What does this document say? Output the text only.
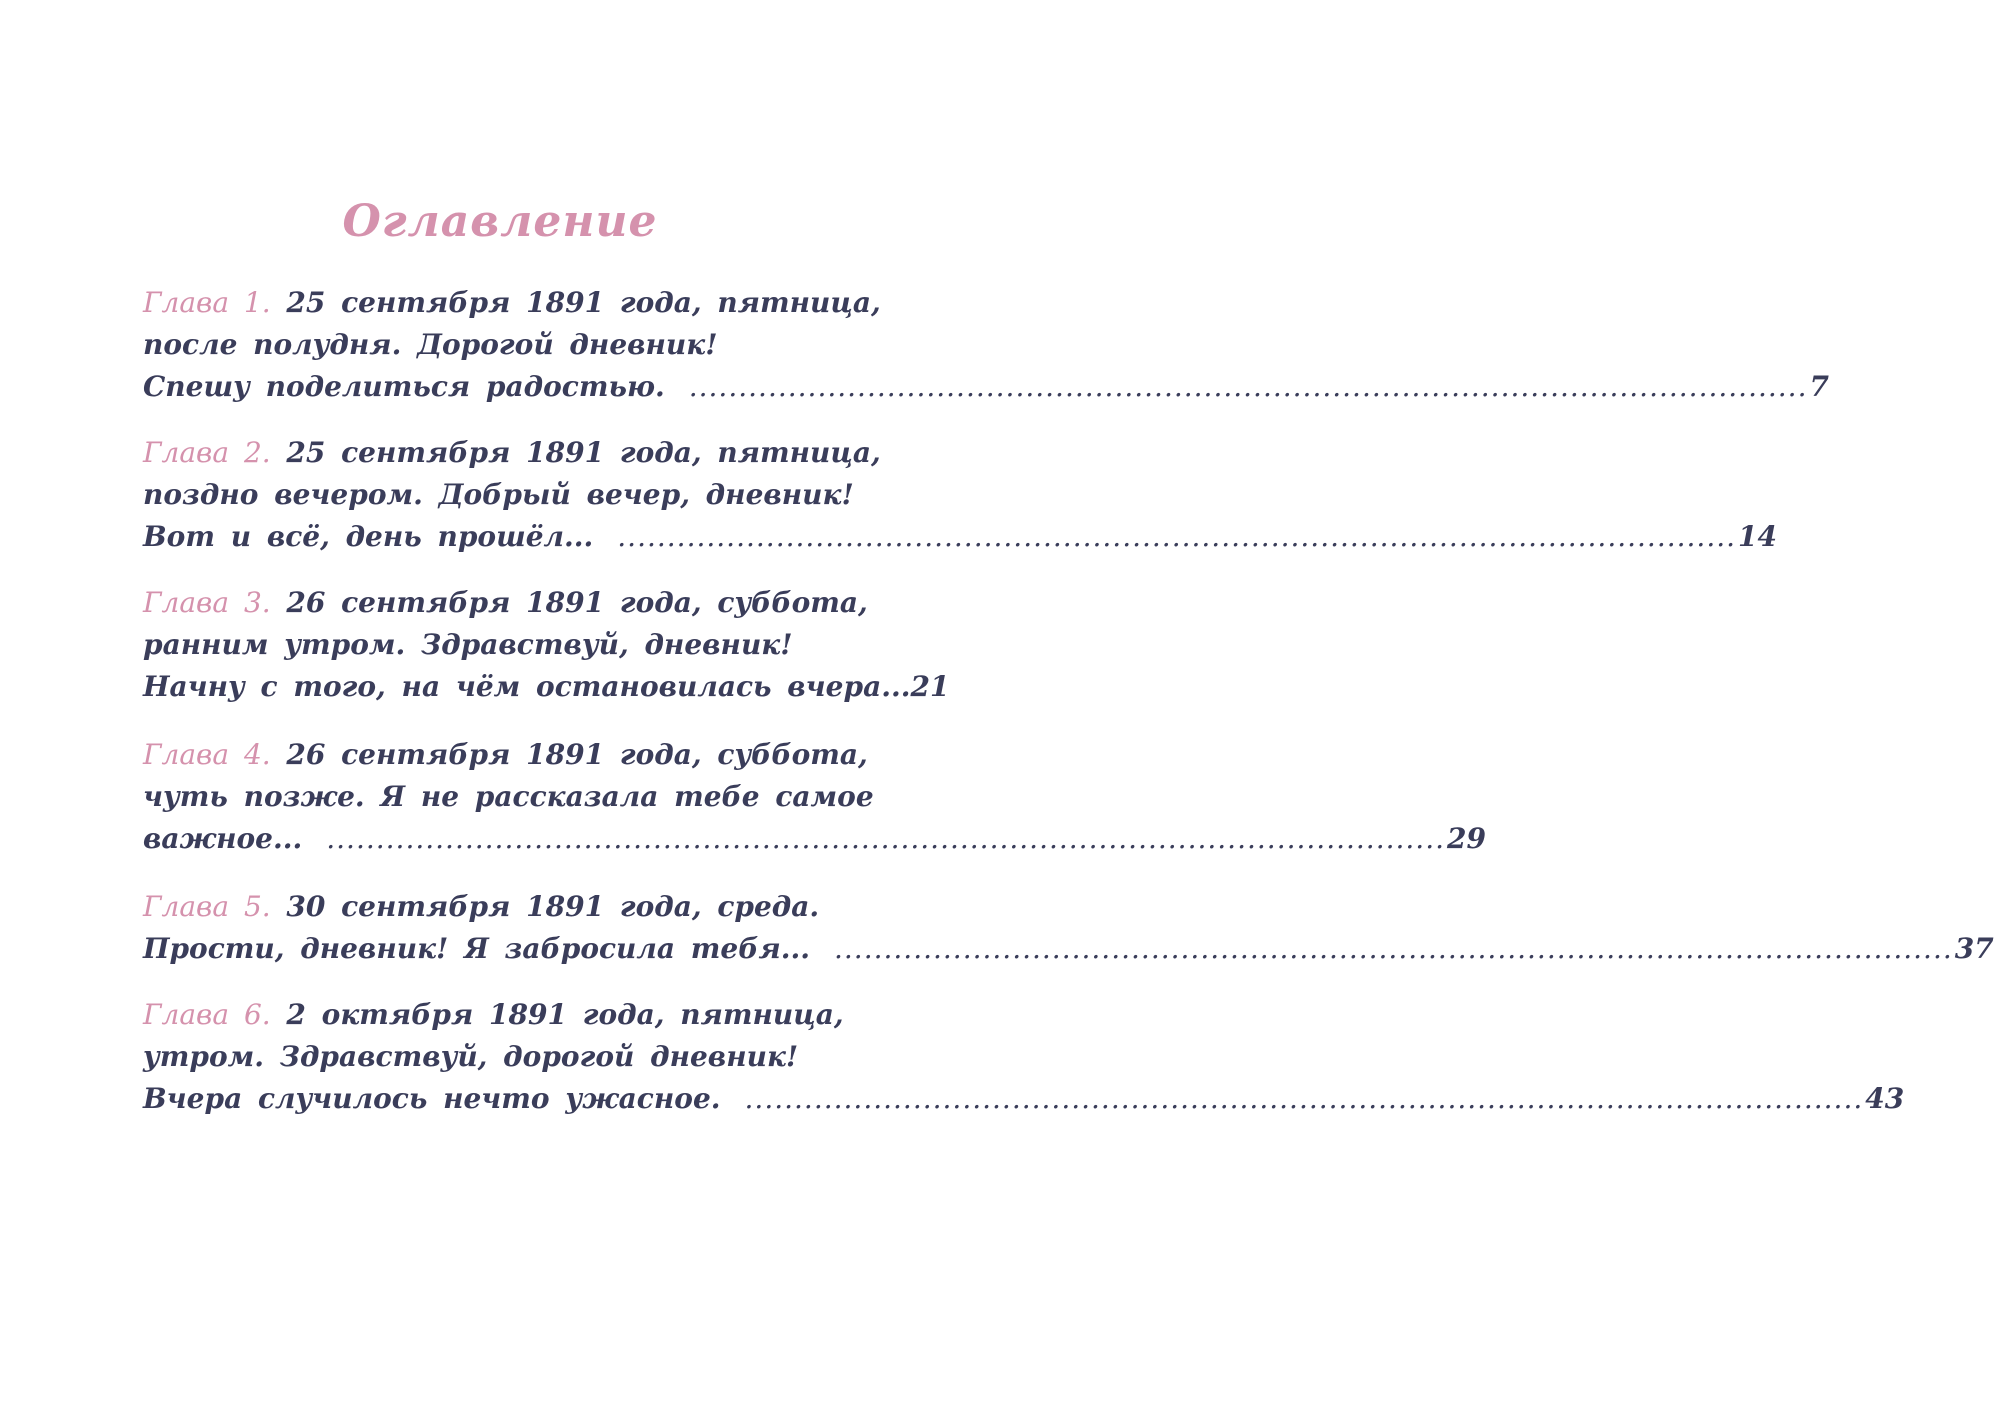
Оглавление
Глава 1. 25 сентября 1891 года, пятница,
после полудня. Дорогой дневник!
Спешу поделиться радостью. ................................................................................................................. 7
Глава 2. 25 сентября 1891 года, пятница,
поздно вечером. Добрый вечер, дневник!
Вот и всё, день прошёл... ................................................................................................................. 14
Глава 3. 26 сентября 1891 года, суббота,
ранним утром. Здравствуй, дневник!
Начну с того, на чём остановилась вчера... 21
Глава 4. 26 сентября 1891 года, суббота,
чуть позже. Я не рассказала тебе самое
важное... ................................................................................................................. 29
Глава 5. 30 сентября 1891 года, среда.
Прости, дневник! Я забросила тебя... ................................................................................................................. 37
Глава 6. 2 октября 1891 года, пятница,
утром. Здравствуй, дорогой дневник!
Вчера случилось нечто ужасное. ................................................................................................................. 43
